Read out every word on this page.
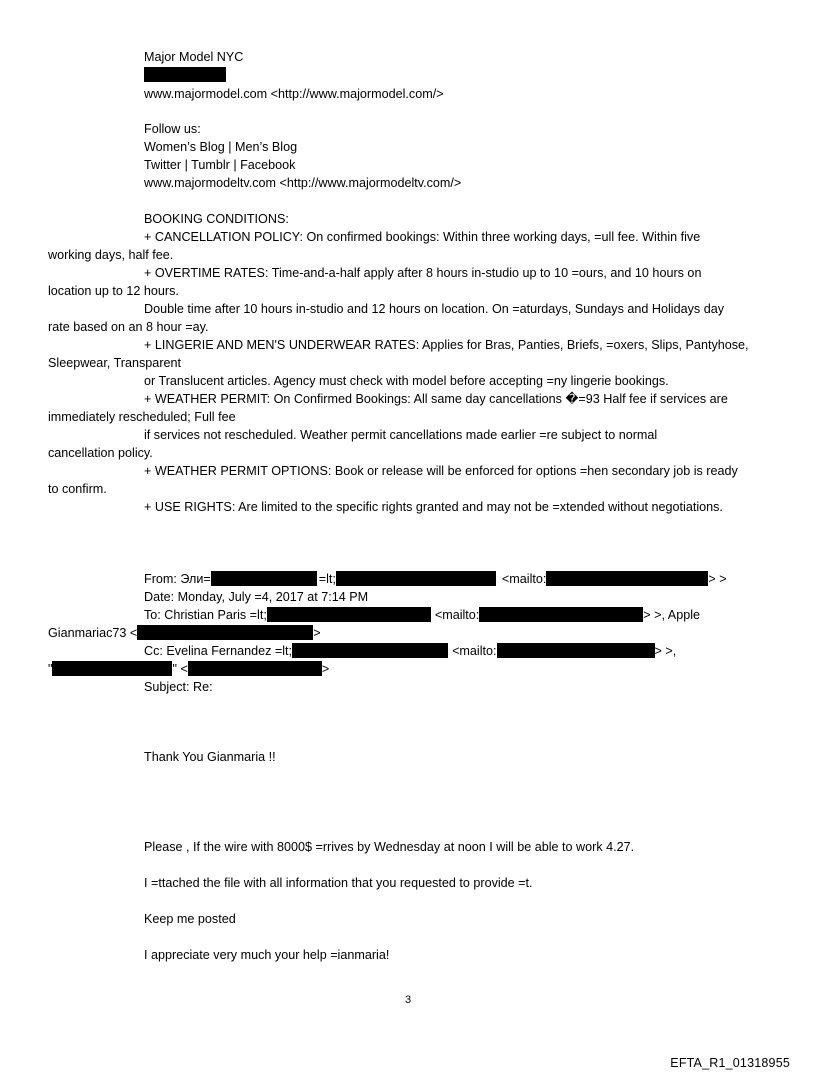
Major Model NYC
www.majormodel.com <http://www.majormodel.com/>
Follow us:
Women’s Blog | Men’s Blog
Twitter | Tumblr | Facebook
www.majormodeltv.com <http://www.majormodeltv.com/>
BOOKING CONDITIONS:
+ CANCELLATION POLICY: On confirmed bookings: Within three working days, =ull fee. Within five
working days, half fee.
+ OVERTIME RATES: Time-and-a-half apply after 8 hours in-studio up to 10 =ours, and 10 hours on
location up to 12 hours.
Double time after 10 hours in-studio and 12 hours on location. On =aturdays, Sundays and Holidays day
rate based on an 8 hour =ay.
+ LINGERIE AND MEN'S UNDERWEAR RATES: Applies for Bras, Panties, Briefs, =oxers, Slips, Pantyhose,
Sleepwear, Transparent
or Translucent articles. Agency must check with model before accepting =ny lingerie bookings.
+ WEATHER PERMIT: On Confirmed Bookings: All same day cancellations �=93 Half fee if services are
immediately rescheduled; Full fee
if services not rescheduled. Weather permit cancellations made earlier =re subject to normal
cancellation policy.
+ WEATHER PERMIT OPTIONS: Book or release will be enforced for options =hen secondary job is ready
to confirm.
+ USE RIGHTS: Are limited to the specific rights granted and may not be =xtended without negotiations.
From: Эли=	=lt;	<mailto:	> >
Date: Monday, July =4, 2017 at 7:14 PM
To: Christian Paris =lt;	<mailto:	> >, Apple
Gianmariac73 <	>
Cc: Evelina Fernandez =lt;	<mailto:	> >,
"	" <	>
Subject: Re:
Thank You Gianmaria !!
Please , If the wire with 8000$ =rrives by Wednesday at noon I will be able to work 4.27.
I =ttached the file with all information that you requested to provide =t.
Keep me posted
I appreciate very much your help =ianmaria!
3
EFTA_R1_01318955
